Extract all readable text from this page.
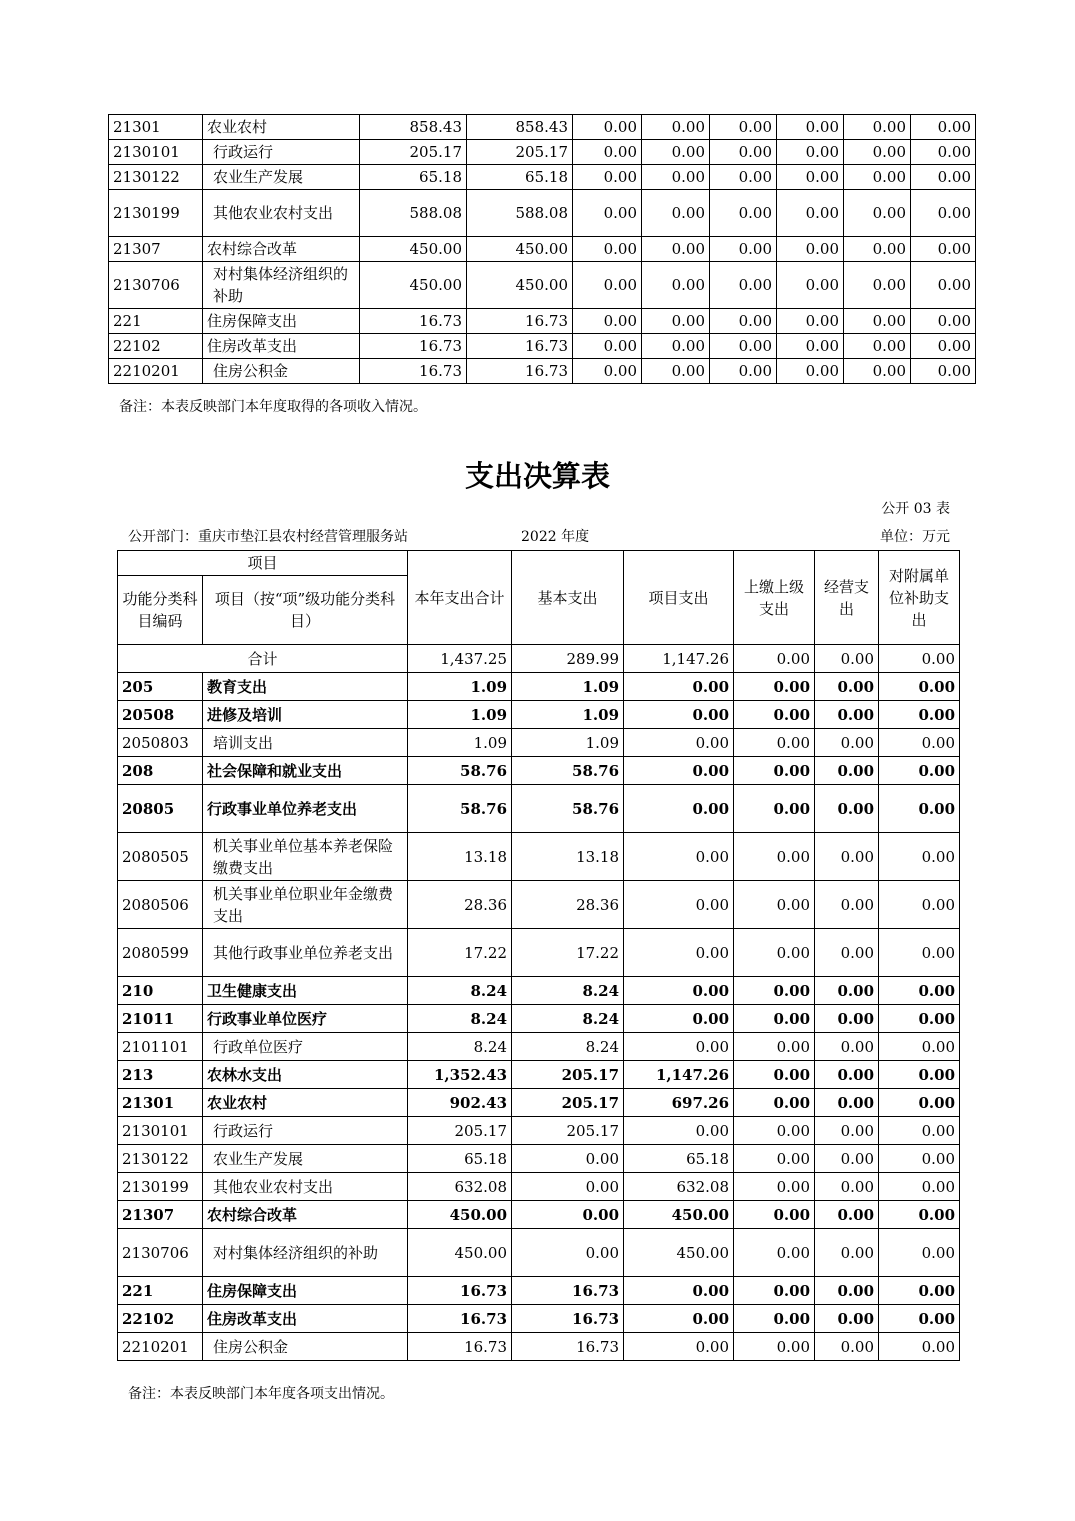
21301	农业农村	858.43	858.43	0.00	0.00	0.00	0.00	0.00	0.00
2130101	行政运行	205.17	205.17	0.00	0.00	0.00	0.00	0.00	0.00
2130122	农业生产发展	65.18	65.18	0.00	0.00	0.00	0.00	0.00	0.00
2130199	其他农业农村支出	588.08	588.08	0.00	0.00	0.00	0.00	0.00	0.00
21307	农村综合改革	450.00	450.00	0.00	0.00	0.00	0.00	0.00	0.00
2130706	对村集体经济组织的补助	450.00	450.00	0.00	0.00	0.00	0.00	0.00	0.00
221	住房保障支出	16.73	16.73	0.00	0.00	0.00	0.00	0.00	0.00
22102	住房改革支出	16.73	16.73	0.00	0.00	0.00	0.00	0.00	0.00
2210201	住房公积金	16.73	16.73	0.00	0.00	0.00	0.00	0.00	0.00
备注：本表反映部门本年度取得的各项收入情况。
支出决算表
公开 03 表
公开部门：重庆市垫江县农村经营管理服务站	2022 年度	单位：万元
项目		本年支出合计	基本支出	项目支出	上缴上级支出	经营支出	对附属单位补助支出
功能分类科目编码	项目（按“项”级功能分类科目）						
合计		1,437.25	289.99	1,147.26	0.00	0.00	0.00
205	教育支出	1.09	1.09	0.00	0.00	0.00	0.00
20508	进修及培训	1.09	1.09	0.00	0.00	0.00	0.00
2050803	培训支出	1.09	1.09	0.00	0.00	0.00	0.00
208	社会保障和就业支出	58.76	58.76	0.00	0.00	0.00	0.00
20805	行政事业单位养老支出	58.76	58.76	0.00	0.00	0.00	0.00
2080505	机关事业单位基本养老保险缴费支出	13.18	13.18	0.00	0.00	0.00	0.00
2080506	机关事业单位职业年金缴费支出	28.36	28.36	0.00	0.00	0.00	0.00
2080599	其他行政事业单位养老支出	17.22	17.22	0.00	0.00	0.00	0.00
210	卫生健康支出	8.24	8.24	0.00	0.00	0.00	0.00
21011	行政事业单位医疗	8.24	8.24	0.00	0.00	0.00	0.00
2101101	行政单位医疗	8.24	8.24	0.00	0.00	0.00	0.00
213	农林水支出	1,352.43	205.17	1,147.26	0.00	0.00	0.00
21301	农业农村	902.43	205.17	697.26	0.00	0.00	0.00
2130101	行政运行	205.17	205.17	0.00	0.00	0.00	0.00
2130122	农业生产发展	65.18	0.00	65.18	0.00	0.00	0.00
2130199	其他农业农村支出	632.08	0.00	632.08	0.00	0.00	0.00
21307	农村综合改革	450.00	0.00	450.00	0.00	0.00	0.00
2130706	对村集体经济组织的补助	450.00	0.00	450.00	0.00	0.00	0.00
221	住房保障支出	16.73	16.73	0.00	0.00	0.00	0.00
22102	住房改革支出	16.73	16.73	0.00	0.00	0.00	0.00
2210201	住房公积金	16.73	16.73	0.00	0.00	0.00	0.00
备注：本表反映部门本年度各项支出情况。
